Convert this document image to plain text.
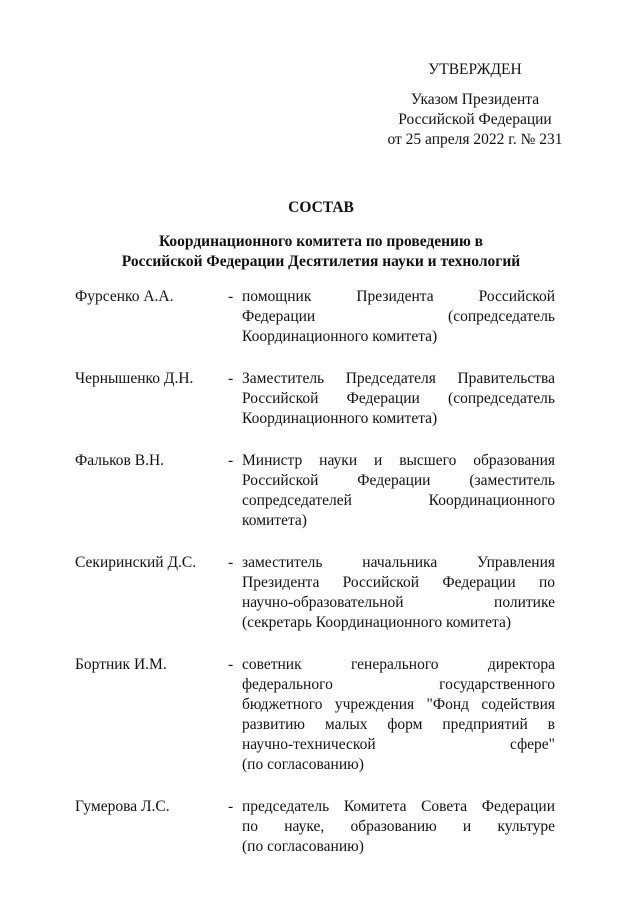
УТВЕРЖДЕН
Указом Президента
Российской Федерации
от 25 апреля 2022 г. № 231
СОСТАВ
Координационного комитета по проведению в
Российской Федерации Десятилетия науки и технологий
Фурсенко А.А.	- помощник Президента Российской
Федерации (сопредседатель
Координационного комитета)
Чернышенко Д.Н.	- Заместитель Председателя Правительства
Российской Федерации (сопредседатель
Координационного комитета)
Фальков В.Н.	- Министр науки и высшего образования
Российской Федерации (заместитель
сопредседателей Координационного
комитета)
Секиринский Д.С.	- заместитель начальника Управления
Президента Российской Федерации по
научно-образовательной политике
(секретарь Координационного комитета)
Бортник И.М.	- советник генерального директора
федерального государственного
бюджетного учреждения "Фонд содействия
развитию малых форм предприятий в
научно-технической сфере"
(по согласованию)
Гумерова Л.С.	- председатель Комитета Совета Федерации
по науке, образованию и культуре
(по согласованию)
